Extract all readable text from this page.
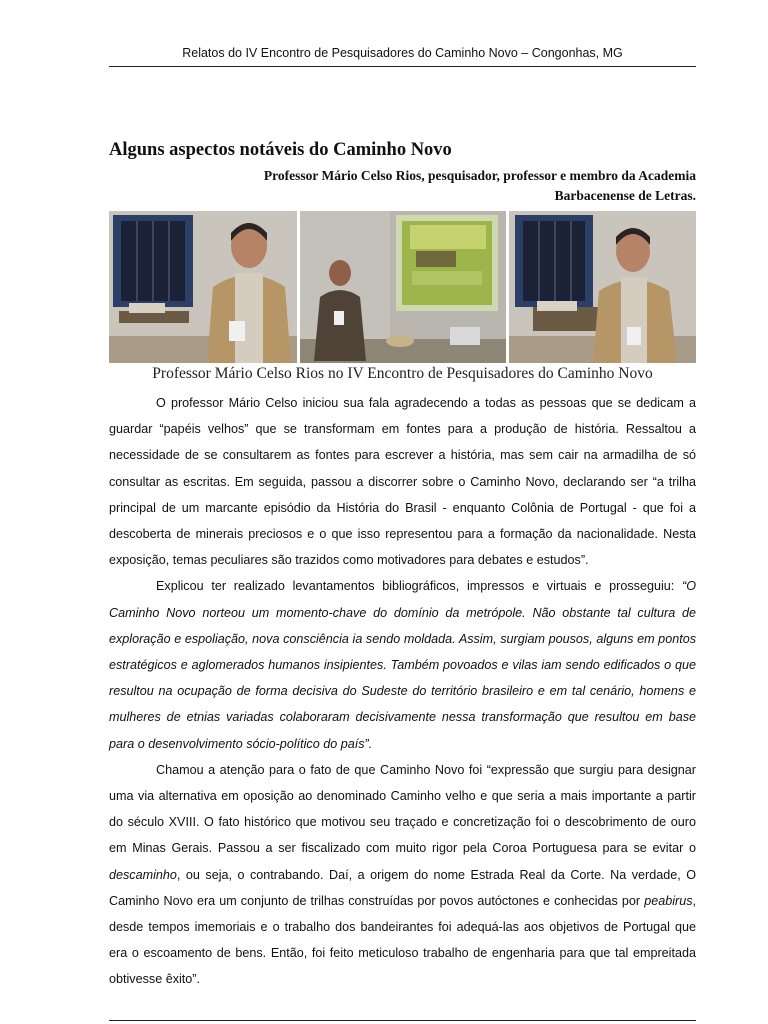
Relatos do IV Encontro de Pesquisadores do Caminho Novo – Congonhas, MG
Alguns aspectos notáveis do Caminho Novo
Professor Mário Celso Rios, pesquisador, professor e membro da Academia
Barbacenense de Letras.
Professor Mário Celso Rios no IV Encontro de Pesquisadores do Caminho Novo

O professor Mário Celso iniciou sua fala agradecendo a todas as pessoas que se dedicam a guardar “papéis velhos” que se transformam em fontes para a produção de história. Ressaltou a necessidade de se consultarem as fontes para escrever a história, mas sem cair na armadilha de só consultar as escritas. Em seguida, passou a discorrer sobre o Caminho Novo, declarando ser “a trilha principal de um marcante episódio da História do Brasil - enquanto Colônia de Portugal - que foi a descoberta de minerais preciosos e o que isso representou para a formação da nacionalidade. Nesta exposição, temas peculiares são trazidos como motivadores para debates e estudos”.

Explicou ter realizado levantamentos bibliográficos, impressos e virtuais e prosseguiu: “O Caminho Novo norteou um momento-chave do domínio da metrópole. Não obstante tal cultura de exploração e espoliação, nova consciência ia sendo moldada. Assim, surgiam pousos, alguns em pontos estratégicos e aglomerados humanos insipientes. Também povoados e vilas iam sendo edificados o que resultou na ocupação de forma decisiva do Sudeste do território brasileiro e em tal cenário, homens e mulheres de etnias variadas colaboraram decisivamente nessa transformação que resultou em base para o desenvolvimento sócio-político do país”.

Chamou a atenção para o fato de que Caminho Novo foi “expressão que surgiu para designar uma via alternativa em oposição ao denominado Caminho velho e que seria a mais importante a partir do século XVIII. O fato histórico que motivou seu traçado e concretização foi o descobrimento de ouro em Minas Gerais. Passou a ser fiscalizado com muito rigor pela Coroa Portuguesa para se evitar o descaminho, ou seja, o contrabando. Daí, a origem do nome Estrada Real da Corte. Na verdade, O Caminho Novo era um conjunto de trilhas construídas por povos autóctones e conhecidas por peabirus, desde tempos imemoriais e o trabalho dos bandeirantes foi adequá-las aos objetivos de Portugal que era o escoamento de bens. Então, foi feito meticuloso trabalho de engenharia para que tal empreitada obtivesse êxito”.
